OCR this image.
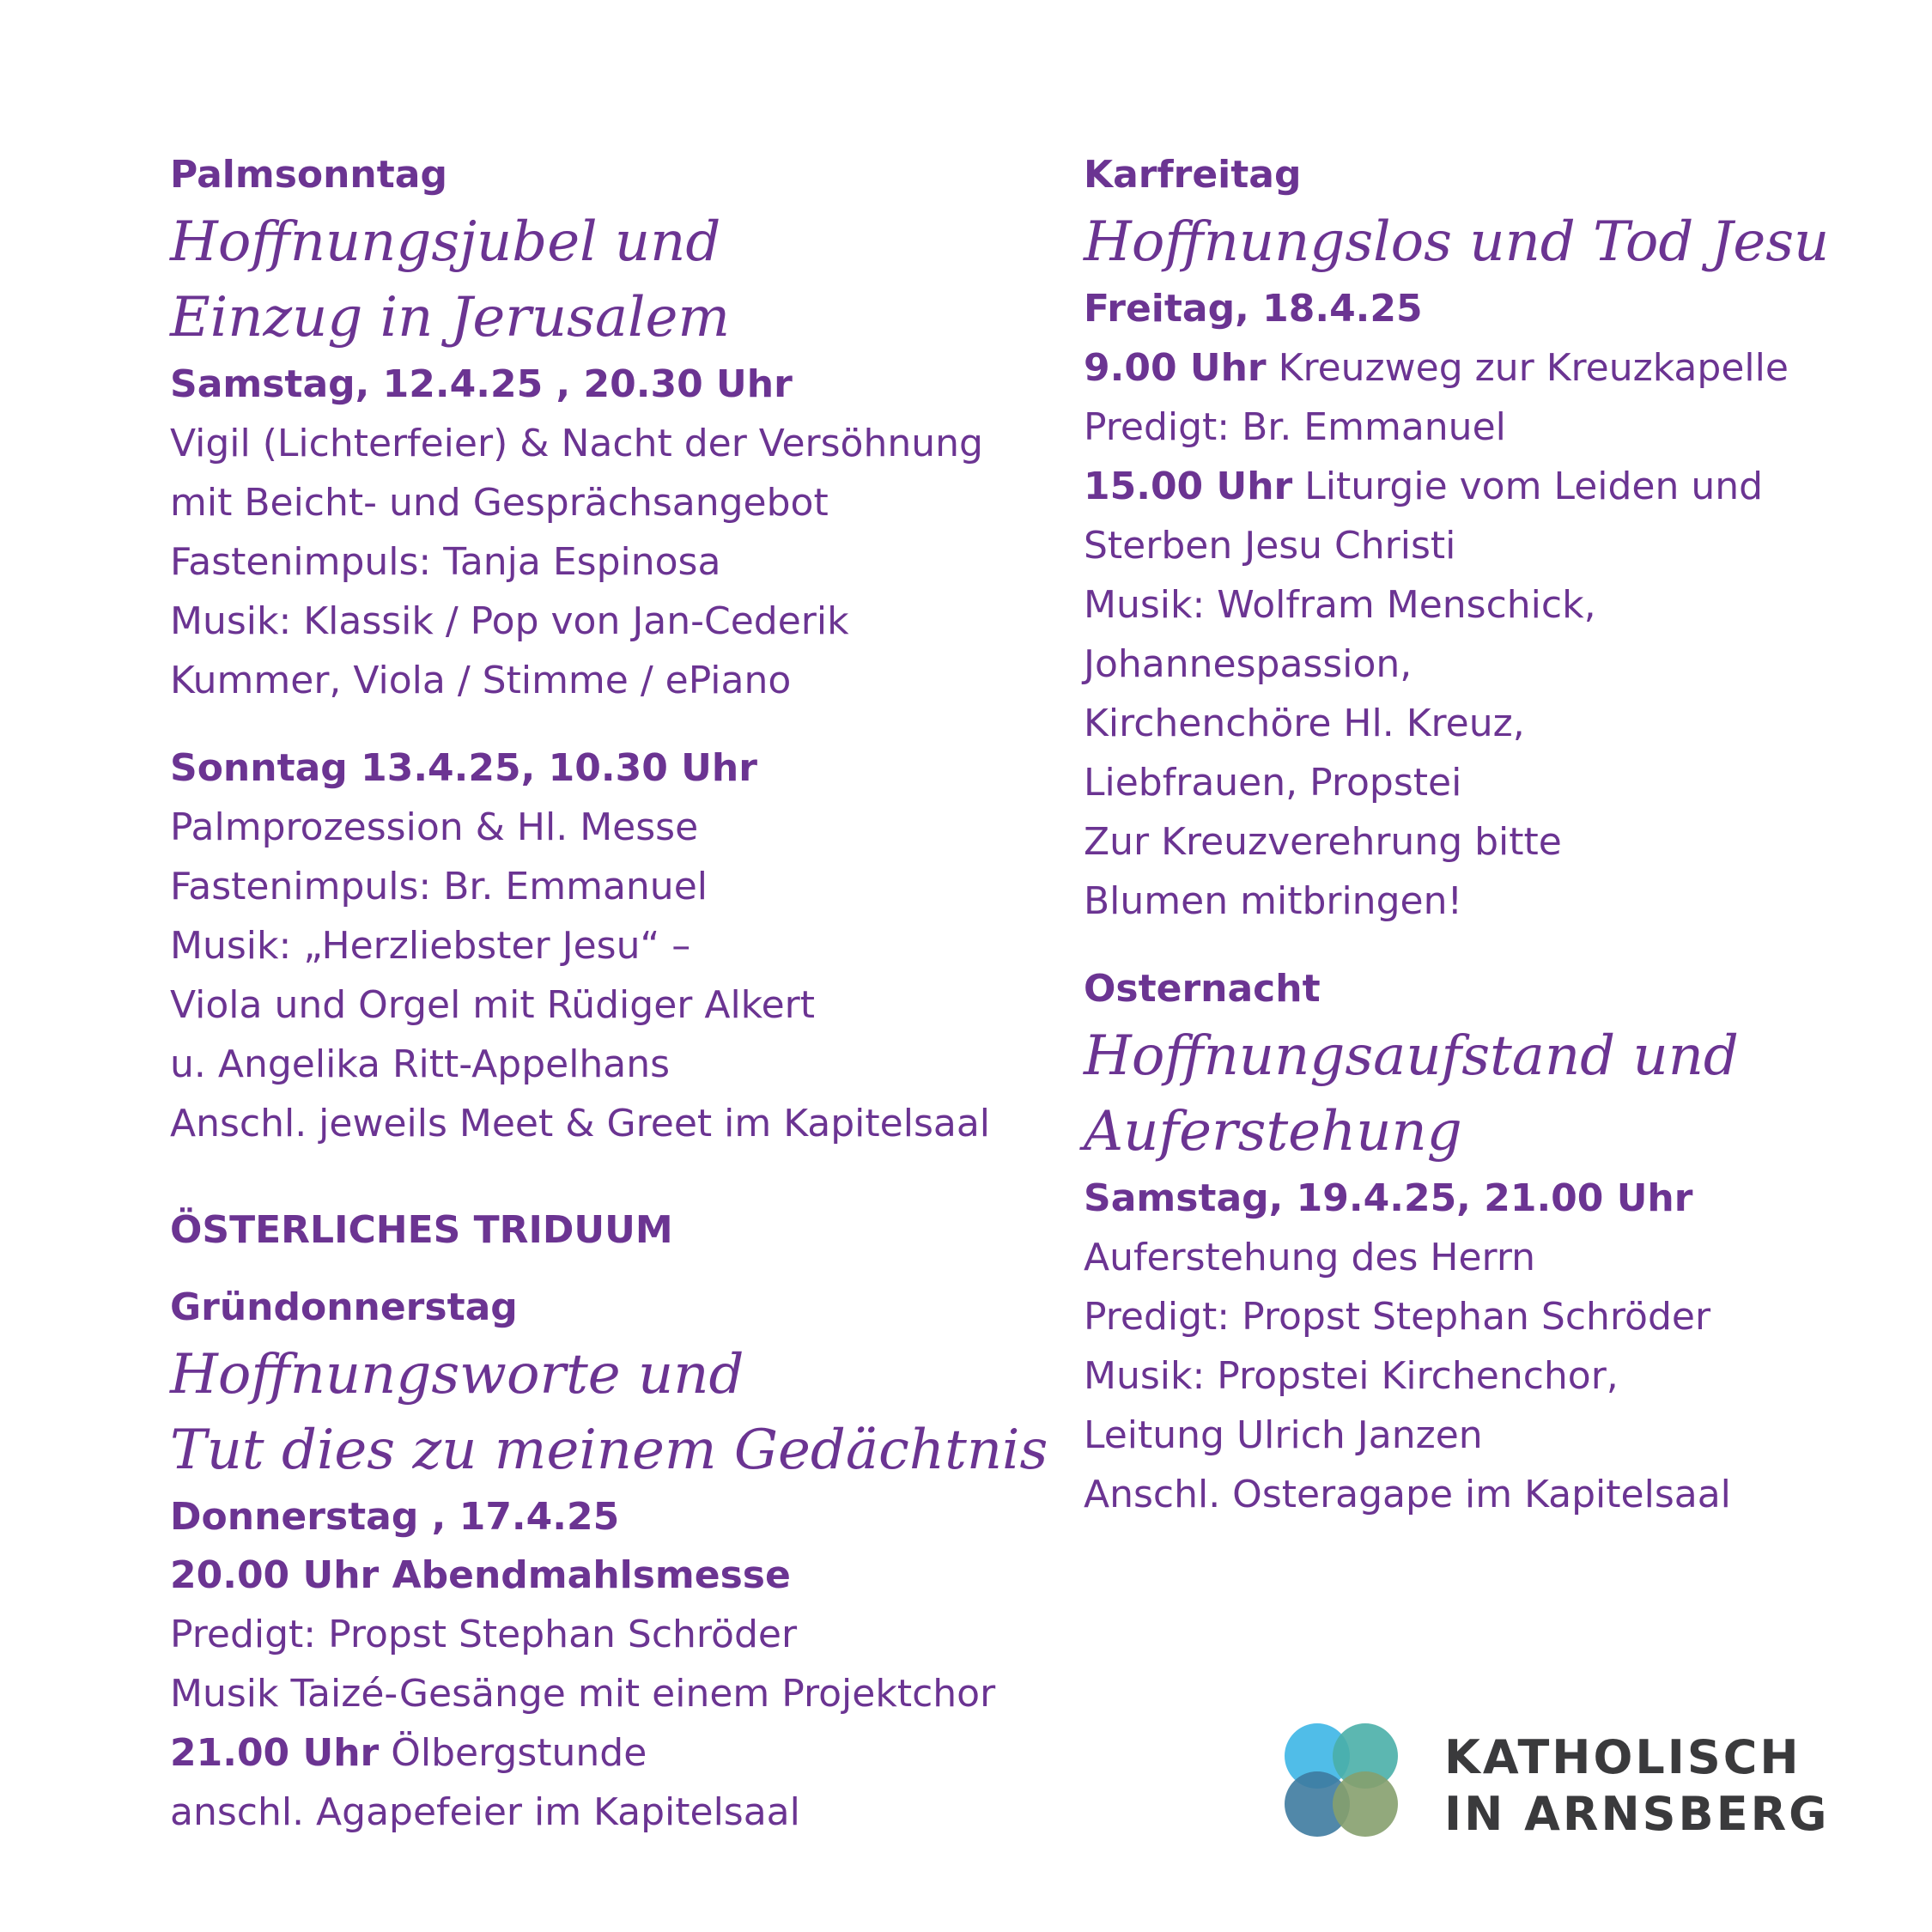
Palmsonntag

Hoffnungsjubel und

Einzug in Jerusalem

Samstag, 12.4.25 , 20.30 Uhr

Vigil (Lichterfeier) & Nacht der Versöhnung

mit Beicht- und Gesprächsangebot

Fastenimpuls: Tanja Espinosa

Musik: Klassik / Pop von Jan-Cederik

Kummer, Viola / Stimme / ePiano

Sonntag 13.4.25, 10.30 Uhr

Palmprozession & Hl. Messe

Fastenimpuls: Br. Emmanuel

Musik: „Herzliebster Jesu“ –

Viola und Orgel mit Rüdiger Alkert

u. Angelika Ritt-Appelhans

Anschl. jeweils Meet & Greet im Kapitelsaal

ÖSTERLICHES TRIDUUM

Gründonnerstag

Hoffnungsworte und

Tut dies zu meinem Gedächtnis

Donnerstag , 17.4.25

20.00 Uhr Abendmahlsmesse

Predigt: Propst Stephan Schröder

Musik Taizé-Gesänge mit einem Projektchor

21.00 Uhr Ölbergstunde

anschl. Agapefeier im Kapitelsaal

Karfreitag

Hoffnungslos und Tod Jesu

Freitag, 18.4.25

9.00 Uhr Kreuzweg zur Kreuzkapelle

Predigt: Br. Emmanuel

15.00 Uhr Liturgie vom Leiden und

Sterben Jesu Christi

Musik: Wolfram Menschick,

Johannespassion,

Kirchenchöre Hl. Kreuz,

Liebfrauen, Propstei

Zur Kreuzverehrung bitte

Blumen mitbringen!

Osternacht

Hoffnungsaufstand und

Auferstehung

Samstag, 19.4.25, 21.00 Uhr

Auferstehung des Herrn

Predigt: Propst Stephan Schröder

Musik: Propstei Kirchenchor,

Leitung Ulrich Janzen

Anschl. Osteragape im Kapitelsaal

KATHOLISCH
IN ARNSBERG
